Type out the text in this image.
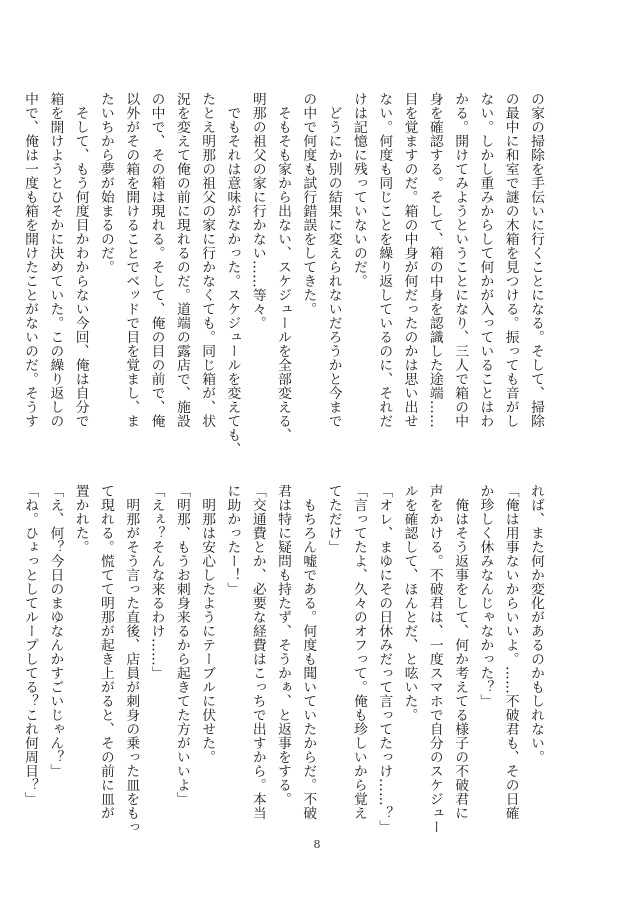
の家の掃除を手伝いに行くことになる。そして、掃除

の最中に和室で謎の木箱を見つける。振っても音がし

ない。しかし重みからして何かが入っていることはわ

かる。開けてみようということになり、三人で箱の中

身を確認する。そして、箱の中身を認識した途端……

目を覚ますのだ。箱の中身が何だったのかは思い出せ

ない。何度も同じことを繰り返しているのに、それだ

けは記憶に残っていないのだ。

　どうにか別の結果に変えられないだろうかと今まで

の中で何度も試行錯誤をしてきた。

　そもそも家から出ない、スケジュールを全部変える、

明那の祖父の家に行かない……等々。

　でもそれは意味がなかった。スケジュールを変えても、

たとえ明那の祖父の家に行かなくても。同じ箱が、状

況を変えて俺の前に現れるのだ。道端の露店で、施設

の中で、その箱は現れる。そして、俺の目の前で、俺

以外がその箱を開けることでベッドで目を覚まし、ま

たいちから夢が始まるのだ。

　そして、もう何度目かわからない今回、俺は自分で

箱を開けようとひそかに決めていた。この繰り返しの

中で、俺は一度も箱を開けたことがないのだ。そうす

れば、また何か変化があるのかもしれない。

「俺は用事ないからいいよ。……不破君も、その日確

か珍しく休みなんじゃなかった？」

　俺はそう返事をして、何か考えてる様子の不破君に

声をかける。不破君は、一度スマホで自分のスケジュー

ルを確認して、ほんとだ、と呟いた。

「オレ、まゆにその日休みだって言ってたっけ……？」

「言ってたよ、久々のオフって。俺も珍しいから覚え

てただけ」

　もちろん嘘である。何度も聞いていたからだ。不破

君は特に疑問も持たず、そうかぁ、と返事をする。

「交通費とか、必要な経費はこっちで出すから。本当

に助かったー！」

　明那は安心したようにテーブルに伏せた。

「明那、もうお刺身来るから起きてた方がいいよ」

「えぇ？そんな来るわけ……」

　明那がそう言った直後、店員が刺身の乗った皿をもっ

て現れる。慌てて明那が起き上がると、その前に皿が

置かれた。

「え、何？今日のまゆなんかすごいじゃん？」

「ね。ひょっとしてループしてる？これ何周目？」

8
